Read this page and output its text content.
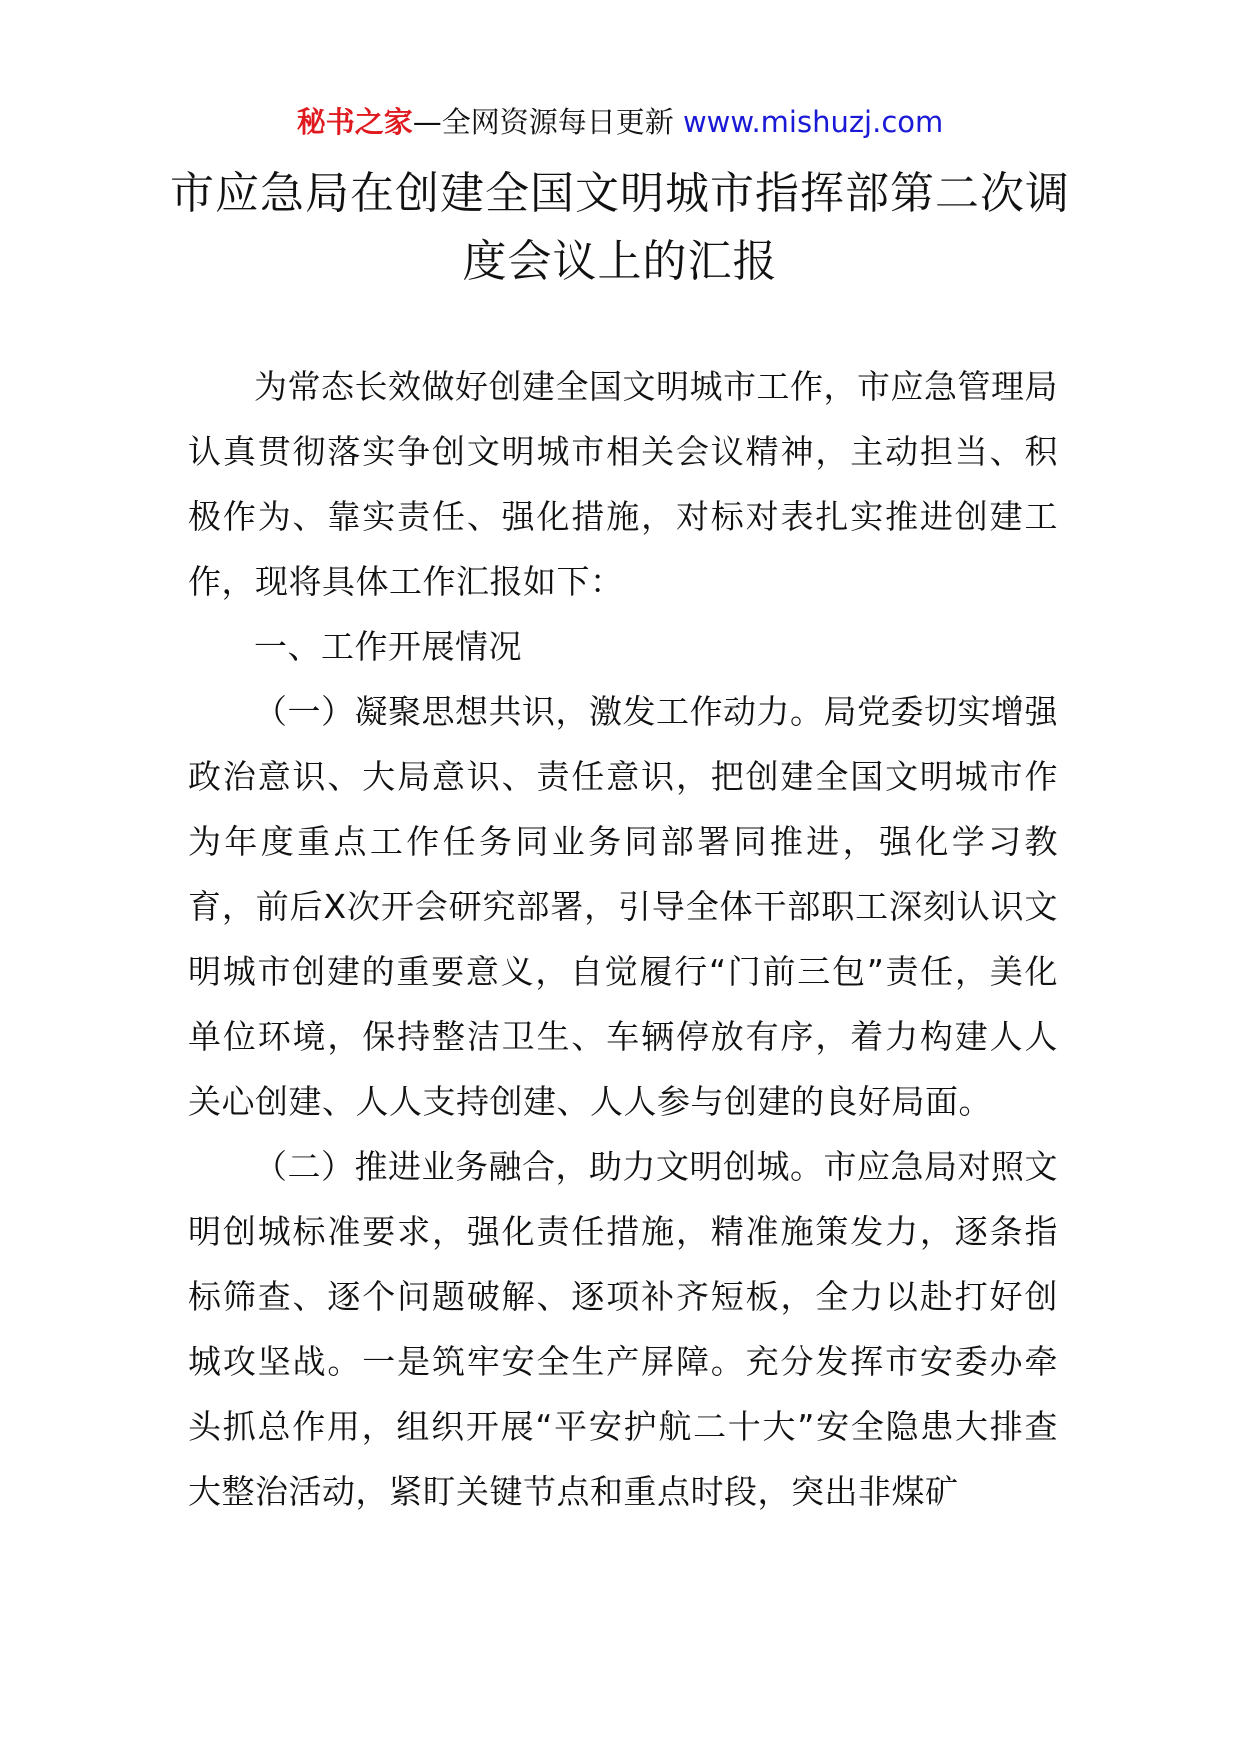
秘书之家—全网资源每日更新 www.mishuzj.com
市应急局在创建全国文明城市指挥部第二次调度会议上的汇报

为常态长效做好创建全国文明城市工作，市应急管理局认真贯彻落实争创文明城市相关会议精神，主动担当、积极作为、靠实责任、强化措施，对标对表扎实推进创建工作，现将具体工作汇报如下：

一、工作开展情况

（一）凝聚思想共识，激发工作动力。局党委切实增强政治意识、大局意识、责任意识，把创建全国文明城市作为年度重点工作任务同业务同部署同推进，强化学习教育，前后X次开会研究部署，引导全体干部职工深刻认识文明城市创建的重要意义，自觉履行“门前三包”责任，美化单位环境，保持整洁卫生、车辆停放有序，着力构建人人关心创建、人人支持创建、人人参与创建的良好局面。

（二）推进业务融合，助力文明创城。市应急局对照文明创城标准要求，强化责任措施，精准施策发力，逐条指标筛查、逐个问题破解、逐项补齐短板，全力以赴打好创城攻坚战。一是筑牢安全生产屏障。充分发挥市安委办牵头抓总作用，组织开展“平安护航二十大”安全隐患大排查大整治活动，紧盯关键节点和重点时段，突出非煤矿
